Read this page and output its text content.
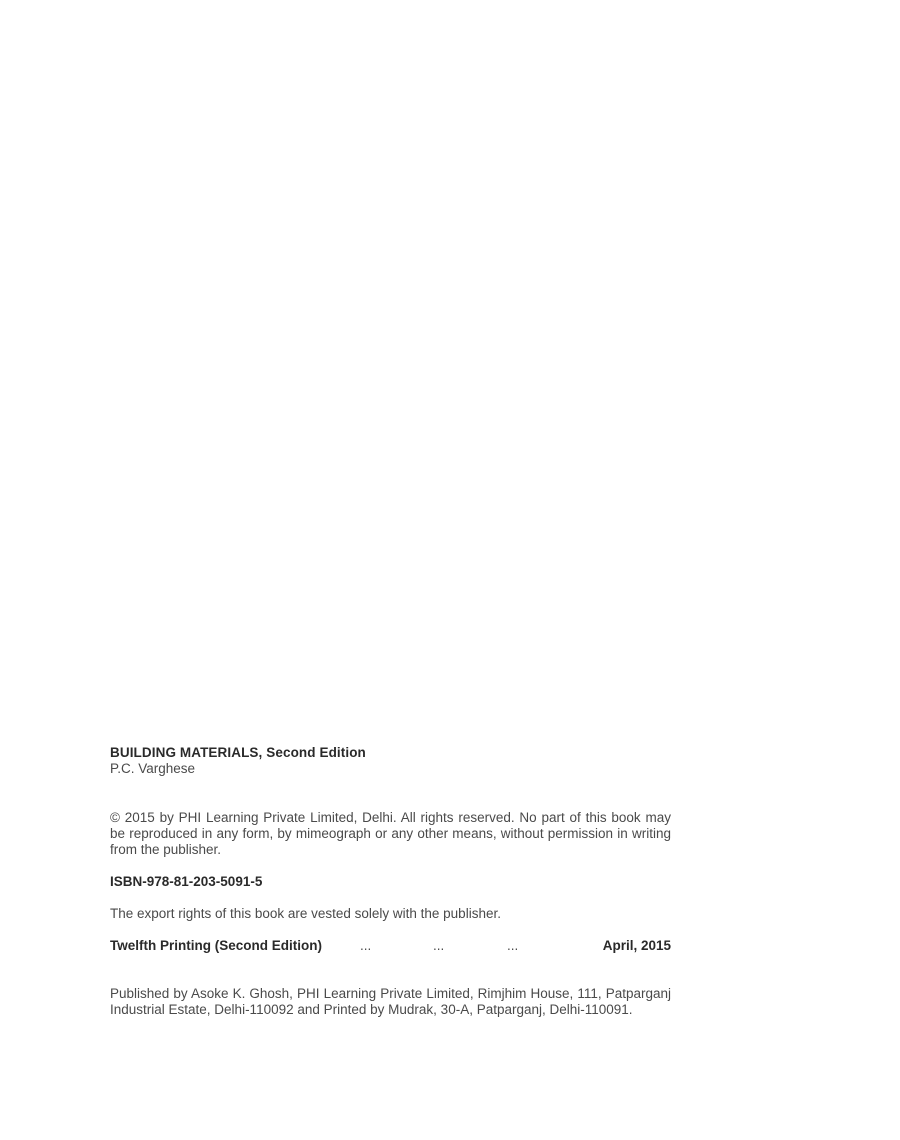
BUILDING MATERIALS, Second Edition
P.C. Varghese
© 2015 by PHI Learning Private Limited, Delhi. All rights reserved. No part of this book may be reproduced in any form, by mimeograph or any other means, without permission in writing from the publisher.
ISBN-978-81-203-5091-5
The export rights of this book are vested solely with the publisher.
Twelfth Printing (Second Edition)	...	...	...	April, 2015
Published by Asoke K. Ghosh, PHI Learning Private Limited, Rimjhim House, 111, Patparganj Industrial Estate, Delhi-110092 and Printed by Mudrak, 30-A, Patparganj, Delhi-110091.
